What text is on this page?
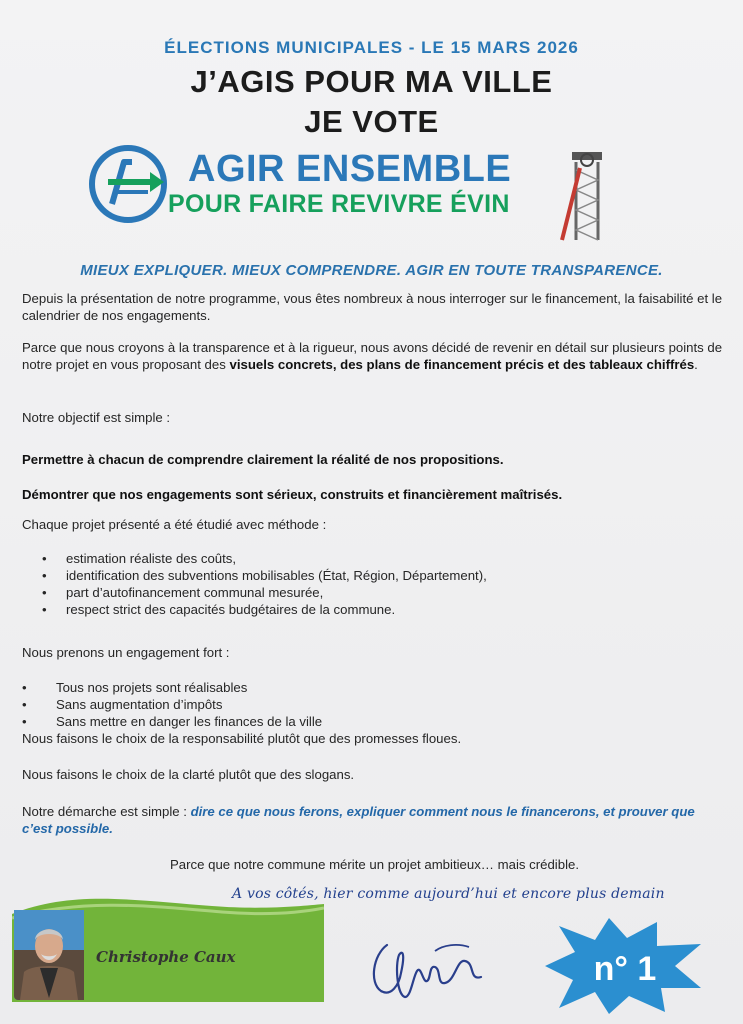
ÉLECTIONS MUNICIPALES - LE 15 MARS 2026
J’AGIS POUR MA VILLE
JE VOTE
AGIR ENSEMBLE
POUR FAIRE REVIVRE ÉVIN
MIEUX EXPLIQUER. MIEUX COMPRENDRE. AGIR EN TOUTE TRANSPARENCE.

Depuis la présentation de notre programme, vous êtes nombreux à nous interroger sur le financement, la faisabilité et le calendrier de nos engagements.

Parce que nous croyons à la transparence et à la rigueur, nous avons décidé de revenir en détail sur plusieurs points de notre projet en vous proposant des visuels concrets, des plans de financement précis et des tableaux chiffrés.

Notre objectif est simple :

Permettre à chacun de comprendre clairement la réalité de nos propositions.

Démontrer que nos engagements sont sérieux, construits et financièrement maîtrisés.

Chaque projet présenté a été étudié avec méthode :

• estimation réaliste des coûts,
• identification des subventions mobilisables (État, Région, Département),
• part d’autofinancement communal mesurée,
• respect strict des capacités budgétaires de la commune.

Nous prenons un engagement fort :

• Tous nos projets sont réalisables
• Sans augmentation d’impôts
• Sans mettre en danger les finances de la ville

Nous faisons le choix de la responsabilité plutôt que des promesses floues.

Nous faisons le choix de la clarté plutôt que des slogans.

Notre démarche est simple : dire ce que nous ferons, expliquer comment nous le financerons, et prouver que c’est possible.

Parce que notre commune mérite un projet ambitieux… mais crédible.

A vos côtés, hier comme aujourd’hui et encore plus demain
Christophe Caux	n° 1
